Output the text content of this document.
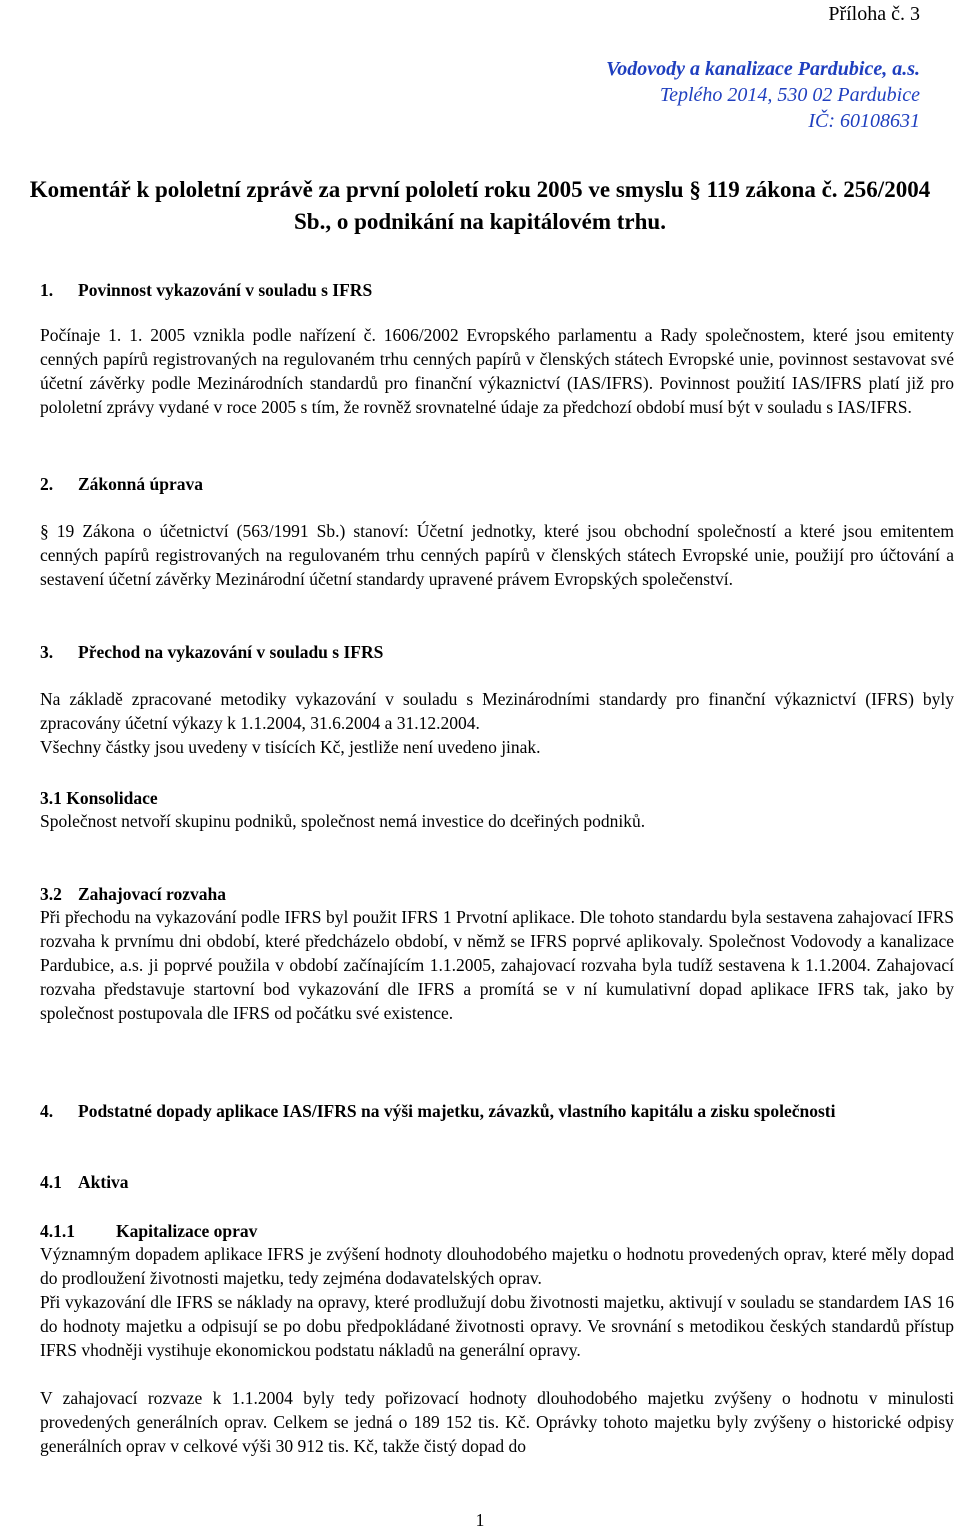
Příloha č. 3
Vodovody a kanalizace Pardubice, a.s.
Teplého 2014, 530 02 Pardubice
IČ: 60108631
Komentář k pololetní zprávě za první pololetí roku 2005 ve smyslu § 119 zákona č. 256/2004 Sb., o podnikání na kapitálovém trhu.
1. Povinnost vykazování v souladu s IFRS
Počínaje 1. 1. 2005 vznikla podle nařízení č. 1606/2002 Evropského parlamentu a Rady společnostem, které jsou emitenty cenných papírů registrovaných na regulovaném trhu cenných papírů v členských státech Evropské unie, povinnost sestavovat své účetní závěrky podle Mezinárodních standardů pro finanční výkaznictví (IAS/IFRS). Povinnost použití IAS/IFRS platí již pro pololetní zprávy vydané v roce 2005 s tím, že rovněž srovnatelné údaje za předchozí období musí být v souladu s IAS/IFRS.
2. Zákonná úprava
§ 19 Zákona o účetnictví (563/1991 Sb.) stanoví: Účetní jednotky, které jsou obchodní společností a které jsou emitentem cenných papírů registrovaných na regulovaném trhu cenných papírů v členských státech Evropské unie, použijí pro účtování a sestavení účetní závěrky Mezinárodní účetní standardy upravené právem Evropských společenství.
3. Přechod na vykazování v souladu s IFRS
Na základě zpracované metodiky vykazování v souladu s Mezinárodními standardy pro finanční výkaznictví (IFRS) byly zpracovány účetní výkazy k 1.1.2004, 31.6.2004 a 31.12.2004.
Všechny částky jsou uvedeny v tisících Kč, jestliže není uvedeno jinak.
3.1 Konsolidace
Společnost netvoří skupinu podniků, společnost nemá investice do dceřiných podniků.
3.2 Zahajovací rozvaha
Při přechodu na vykazování podle IFRS byl použit IFRS 1 Prvotní aplikace. Dle tohoto standardu byla sestavena zahajovací IFRS rozvaha k prvnímu dni období, které předcházelo období, v němž se IFRS poprvé aplikovaly. Společnost Vodovody a kanalizace Pardubice, a.s. ji poprvé použila v období začínajícím 1.1.2005, zahajovací rozvaha byla tudíž sestavena k 1.1.2004. Zahajovací rozvaha představuje startovní bod vykazování dle IFRS a promítá se v ní kumulativní dopad aplikace IFRS tak, jako by společnost postupovala dle IFRS od počátku své existence.
4.	Podstatné dopady aplikace IAS/IFRS na výši majetku, závazků, vlastního kapitálu a zisku společnosti
4.1 Aktiva
4.1.1 Kapitalizace oprav
Významným dopadem aplikace IFRS je zvýšení hodnoty dlouhodobého majetku o hodnotu provedených oprav, které měly dopad do prodloužení životnosti majetku, tedy zejména dodavatelských oprav.
Při vykazování dle IFRS se náklady na opravy, které prodlužují dobu životnosti majetku, aktivují v souladu se standardem IAS 16 do hodnoty majetku a odpisují se po dobu předpokládané životnosti opravy. Ve srovnání s metodikou českých standardů přístup IFRS vhodněji vystihuje ekonomickou podstatu nákladů na generální opravy.
V zahajovací rozvaze k 1.1.2004 byly tedy pořizovací hodnoty dlouhodobého majetku zvýšeny o hodnotu v minulosti provedených generálních oprav. Celkem se jedná o 189 152 tis. Kč. Oprávky tohoto majetku byly zvýšeny o historické odpisy generálních oprav v celkové výši 30 912 tis. Kč, takže čistý dopad do
1
